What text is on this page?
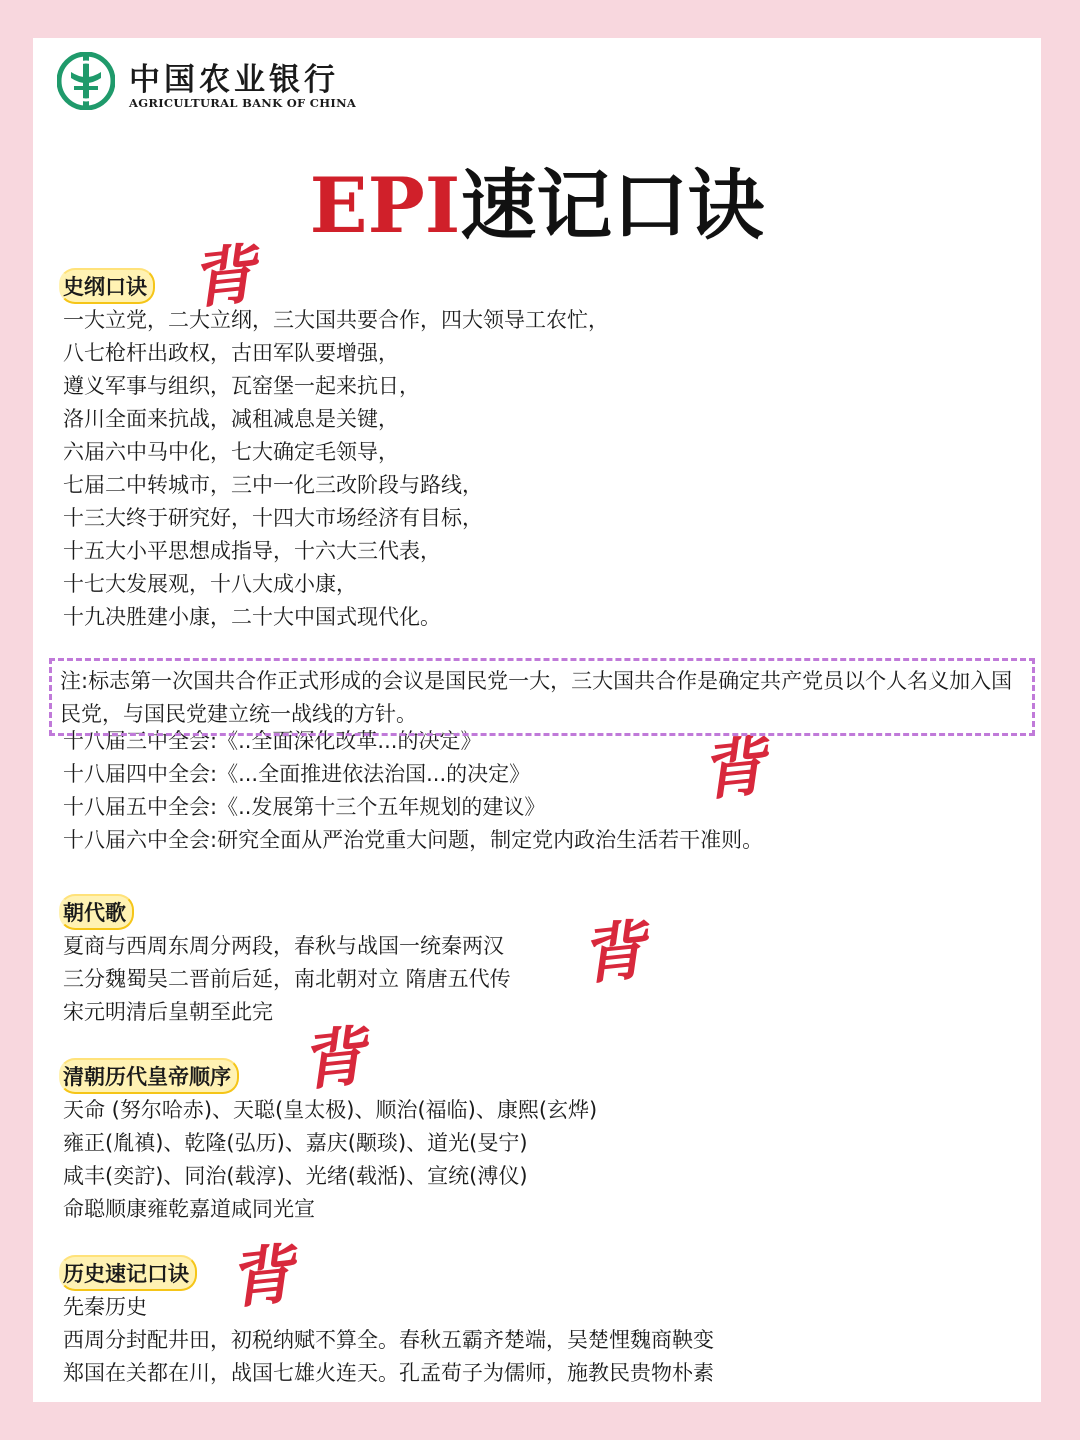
中国农业银行
AGRICULTURAL BANK OF CHINA
EPI速记口诀
史纲口诀
一大立党，二大立纲，三大国共要合作，四大领导工农忙，
八七枪杆出政权，古田军队要增强，
遵义军事与组织，瓦窑堡一起来抗日，
洛川全面来抗战，减租减息是关键，
六届六中马中化，七大确定毛领导，
七届二中转城市，三中一化三改阶段与路线，
十三大终于研究好，十四大市场经济有目标，
十五大小平思想成指导，十六大三代表，
十七大发展观，十八大成小康，
十九决胜建小康，二十大中国式现代化。
十八届三中全会:《..全面深化改革...的决定》
十八届四中全会:《...全面推进依法治国...的决定》
十八届五中全会:《..发展第十三个五年规划的建议》
十八届六中全会:研究全面从严治党重大问题，制定党内政治生活若干准则。
朝代歌
夏商与西周东周分两段，春秋与战国一统秦两汉
三分魏蜀吴二晋前后延，南北朝对立 隋唐五代传
宋元明清后皇朝至此完
清朝历代皇帝顺序
天命 (努尔哈赤)、天聪(皇太极)、顺治(福临)、康熙(玄烨)
雍正(胤禛)、乾隆(弘历)、嘉庆(颙琰)、道光(旻宁)
咸丰(奕詝)、同治(载淳)、光绪(载湉)、宣统(溥仪)
命聪顺康雍乾嘉道咸同光宣
历史速记口诀
先秦历史
西周分封配井田，初税纳赋不算全。春秋五霸齐楚端，吴楚悝魏商鞅变
郑国在关都在川，战国七雄火连天。孔孟荀子为儒师，施教民贵物朴素
背
背
背
背
背
注:标志第一次国共合作正式形成的会议是国民党一大，三大国共合作是确定共产党员以个人名义加入国民党，与国民党建立统一战线的方针。
